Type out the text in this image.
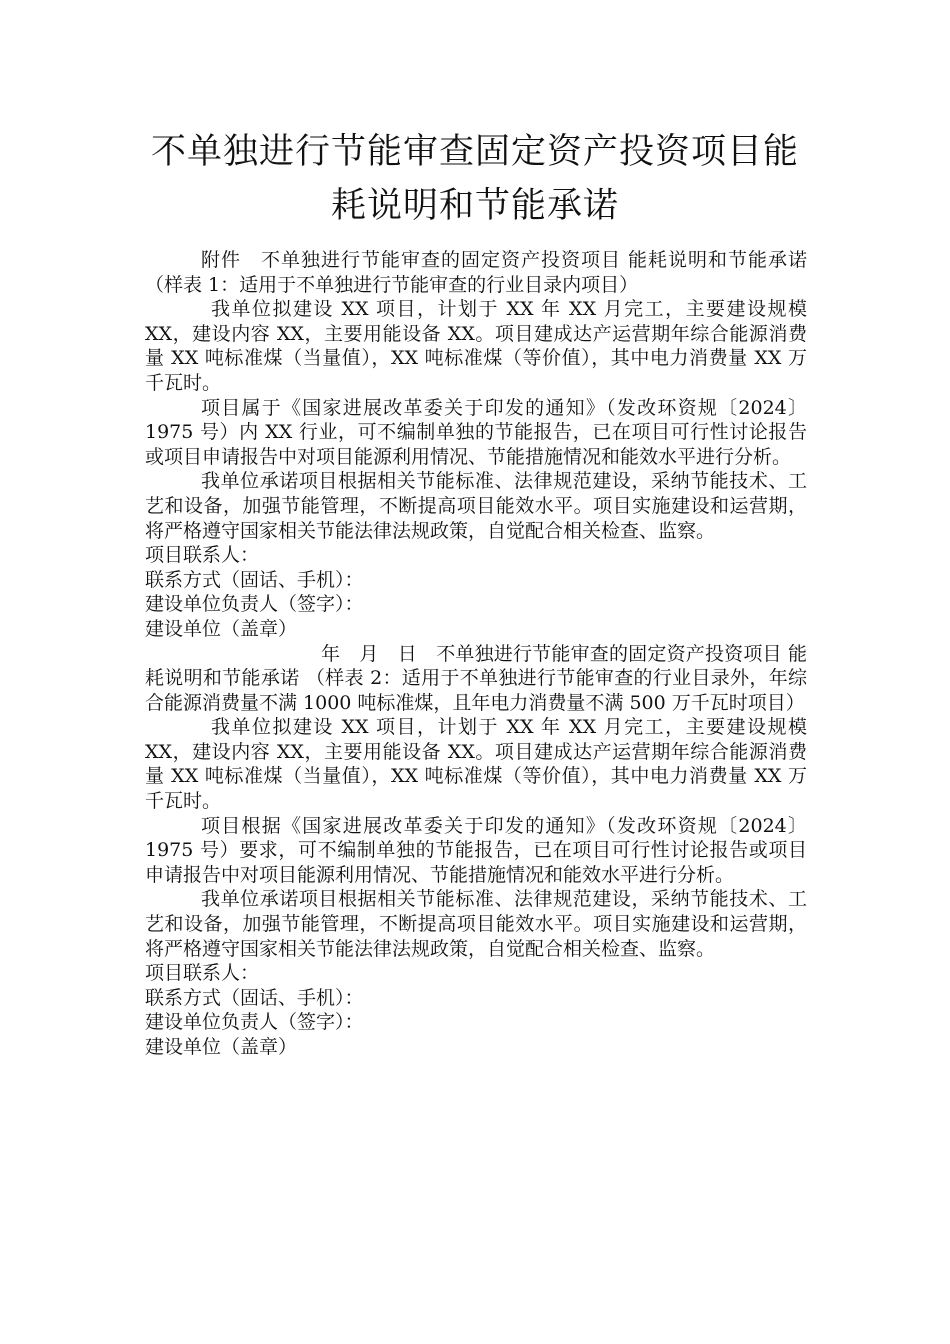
不单独进行节能审查固定资产投资项目能
耗说明和节能承诺

附件　不单独进行节能审查的固定资产投资项目 能耗说明和节能承诺 （样表 1：适用于不单独进行节能审查的行业目录内项目）

我单位拟建设 XX 项目，计划于 XX 年 XX 月完工，主要建设规模 XX，建设内容 XX，主要用能设备 XX。项目建成达产运营期年综合能源消费量 XX 吨标准煤（当量值），XX 吨标准煤（等价值），其中电力消费量 XX 万千瓦时。

项目属于《国家进展改革委关于印发的通知》（发改环资规〔2024〕1975 号）内 XX 行业，可不编制单独的节能报告，已在项目可行性讨论报告或项目申请报告中对项目能源利用情况、节能措施情况和能效水平进行分析。

我单位承诺项目根据相关节能标准、法律规范建设，采纳节能技术、工艺和设备，加强节能管理，不断提高项目能效水平。项目实施建设和运营期，将严格遵守国家相关节能法律法规政策，自觉配合相关检查、监察。

项目联系人：

联系方式（固话、手机）：

建设单位负责人（签字）：

建设单位（盖章）

年　月　日　不单独进行节能审查的固定资产投资项目 能耗说明和节能承诺 （样表 2：适用于不单独进行节能审查的行业目录外，年综合能源消费量不满 1000 吨标准煤，且年电力消费量不满 500 万千瓦时项目）

我单位拟建设 XX 项目，计划于 XX 年 XX 月完工，主要建设规模 XX，建设内容 XX，主要用能设备 XX。项目建成达产运营期年综合能源消费量 XX 吨标准煤（当量值），XX 吨标准煤（等价值），其中电力消费量 XX 万千瓦时。

项目根据《国家进展改革委关于印发的通知》（发改环资规〔2024〕1975 号）要求，可不编制单独的节能报告，已在项目可行性讨论报告或项目申请报告中对项目能源利用情况、节能措施情况和能效水平进行分析。

我单位承诺项目根据相关节能标准、法律规范建设，采纳节能技术、工艺和设备，加强节能管理，不断提高项目能效水平。项目实施建设和运营期，将严格遵守国家相关节能法律法规政策，自觉配合相关检查、监察。

项目联系人：

联系方式（固话、手机）：

建设单位负责人（签字）：

建设单位（盖章）
